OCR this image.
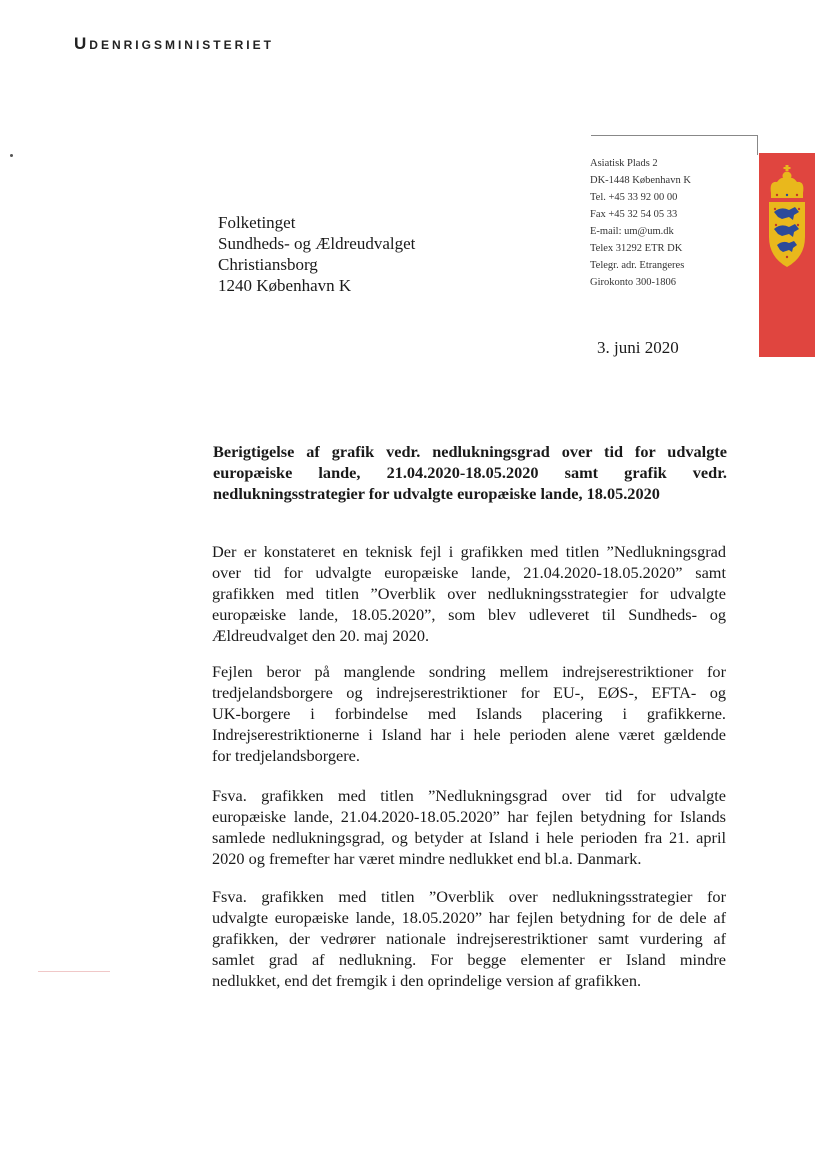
Udenrigsministeriet
Folketinget
Sundheds- og Ældreudvalget
Christiansborg
1240 København K
Asiatisk Plads 2
DK-1448 København K
Tel. +45 33 92 00 00
Fax +45 32 54 05 33
E-mail: um@um.dk
Telex 31292 ETR DK
Telegr. adr. Etrangeres
Girokonto 300-1806
3. juni 2020
Berigtigelse af grafik vedr. nedlukningsgrad over tid for udvalgte
europæiske lande, 21.04.2020-18.05.2020 samt grafik vedr.
nedlukningsstrategier for udvalgte europæiske lande, 18.05.2020

Der er konstateret en teknisk fejl i grafikken med titlen ”Nedlukningsgrad
over tid for udvalgte europæiske lande, 21.04.2020-18.05.2020” samt
grafikken med titlen ”Overblik over nedlukningsstrategier for udvalgte
europæiske lande, 18.05.2020”, som blev udleveret til Sundheds- og
Ældreudvalget den 20. maj 2020.

Fejlen beror på manglende sondring mellem indrejserestriktioner for
tredjelandsborgere og indrejserestriktioner for EU-, EØS-, EFTA- og
UK-borgere i forbindelse med Islands placering i grafikkerne.
Indrejserestriktionerne i Island har i hele perioden alene været gældende
for tredjelandsborgere.

Fsva. grafikken med titlen ”Nedlukningsgrad over tid for udvalgte
europæiske lande, 21.04.2020-18.05.2020” har fejlen betydning for Islands
samlede nedlukningsgrad, og betyder at Island i hele perioden fra 21. april
2020 og fremefter har været mindre nedlukket end bl.a. Danmark.

Fsva. grafikken med titlen ”Overblik over nedlukningsstrategier for
udvalgte europæiske lande, 18.05.2020” har fejlen betydning for de dele af
grafikken, der vedrører nationale indrejserestriktioner samt vurdering af
samlet grad af nedlukning. For begge elementer er Island mindre
nedlukket, end det fremgik i den oprindelige version af grafikken.
